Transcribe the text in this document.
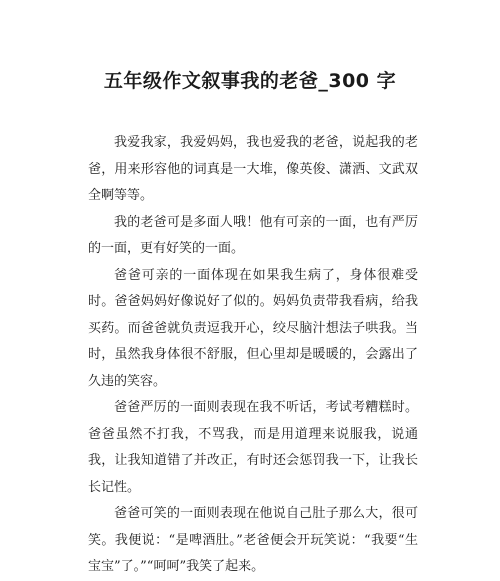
五年级作文叙事我的老爸_300 字

我爱我家，我爱妈妈，我也爱我的老爸，说起我的老爸，用来形容他的词真是一大堆，像英俊、潇洒、文武双全啊等等。

我的老爸可是多面人哦！他有可亲的一面，也有严厉的一面，更有好笑的一面。

爸爸可亲的一面体现在如果我生病了，身体很难受时。爸爸妈妈好像说好了似的。妈妈负责带我看病，给我买药。而爸爸就负责逗我开心，绞尽脑汁想法子哄我。当时，虽然我身体很不舒服，但心里却是暖暖的，会露出了久违的笑容。

爸爸严厉的一面则表现在我不听话，考试考糟糕时。爸爸虽然不打我，不骂我，而是用道理来说服我，说通我，让我知道错了并改正，有时还会惩罚我一下，让我长长记性。

爸爸可笑的一面则表现在他说自己肚子那么大，很可笑。我便说：“是啤酒肚。”老爸便会开玩笑说：“我要“生宝宝”了。”“呵呵”我笑了起来。
